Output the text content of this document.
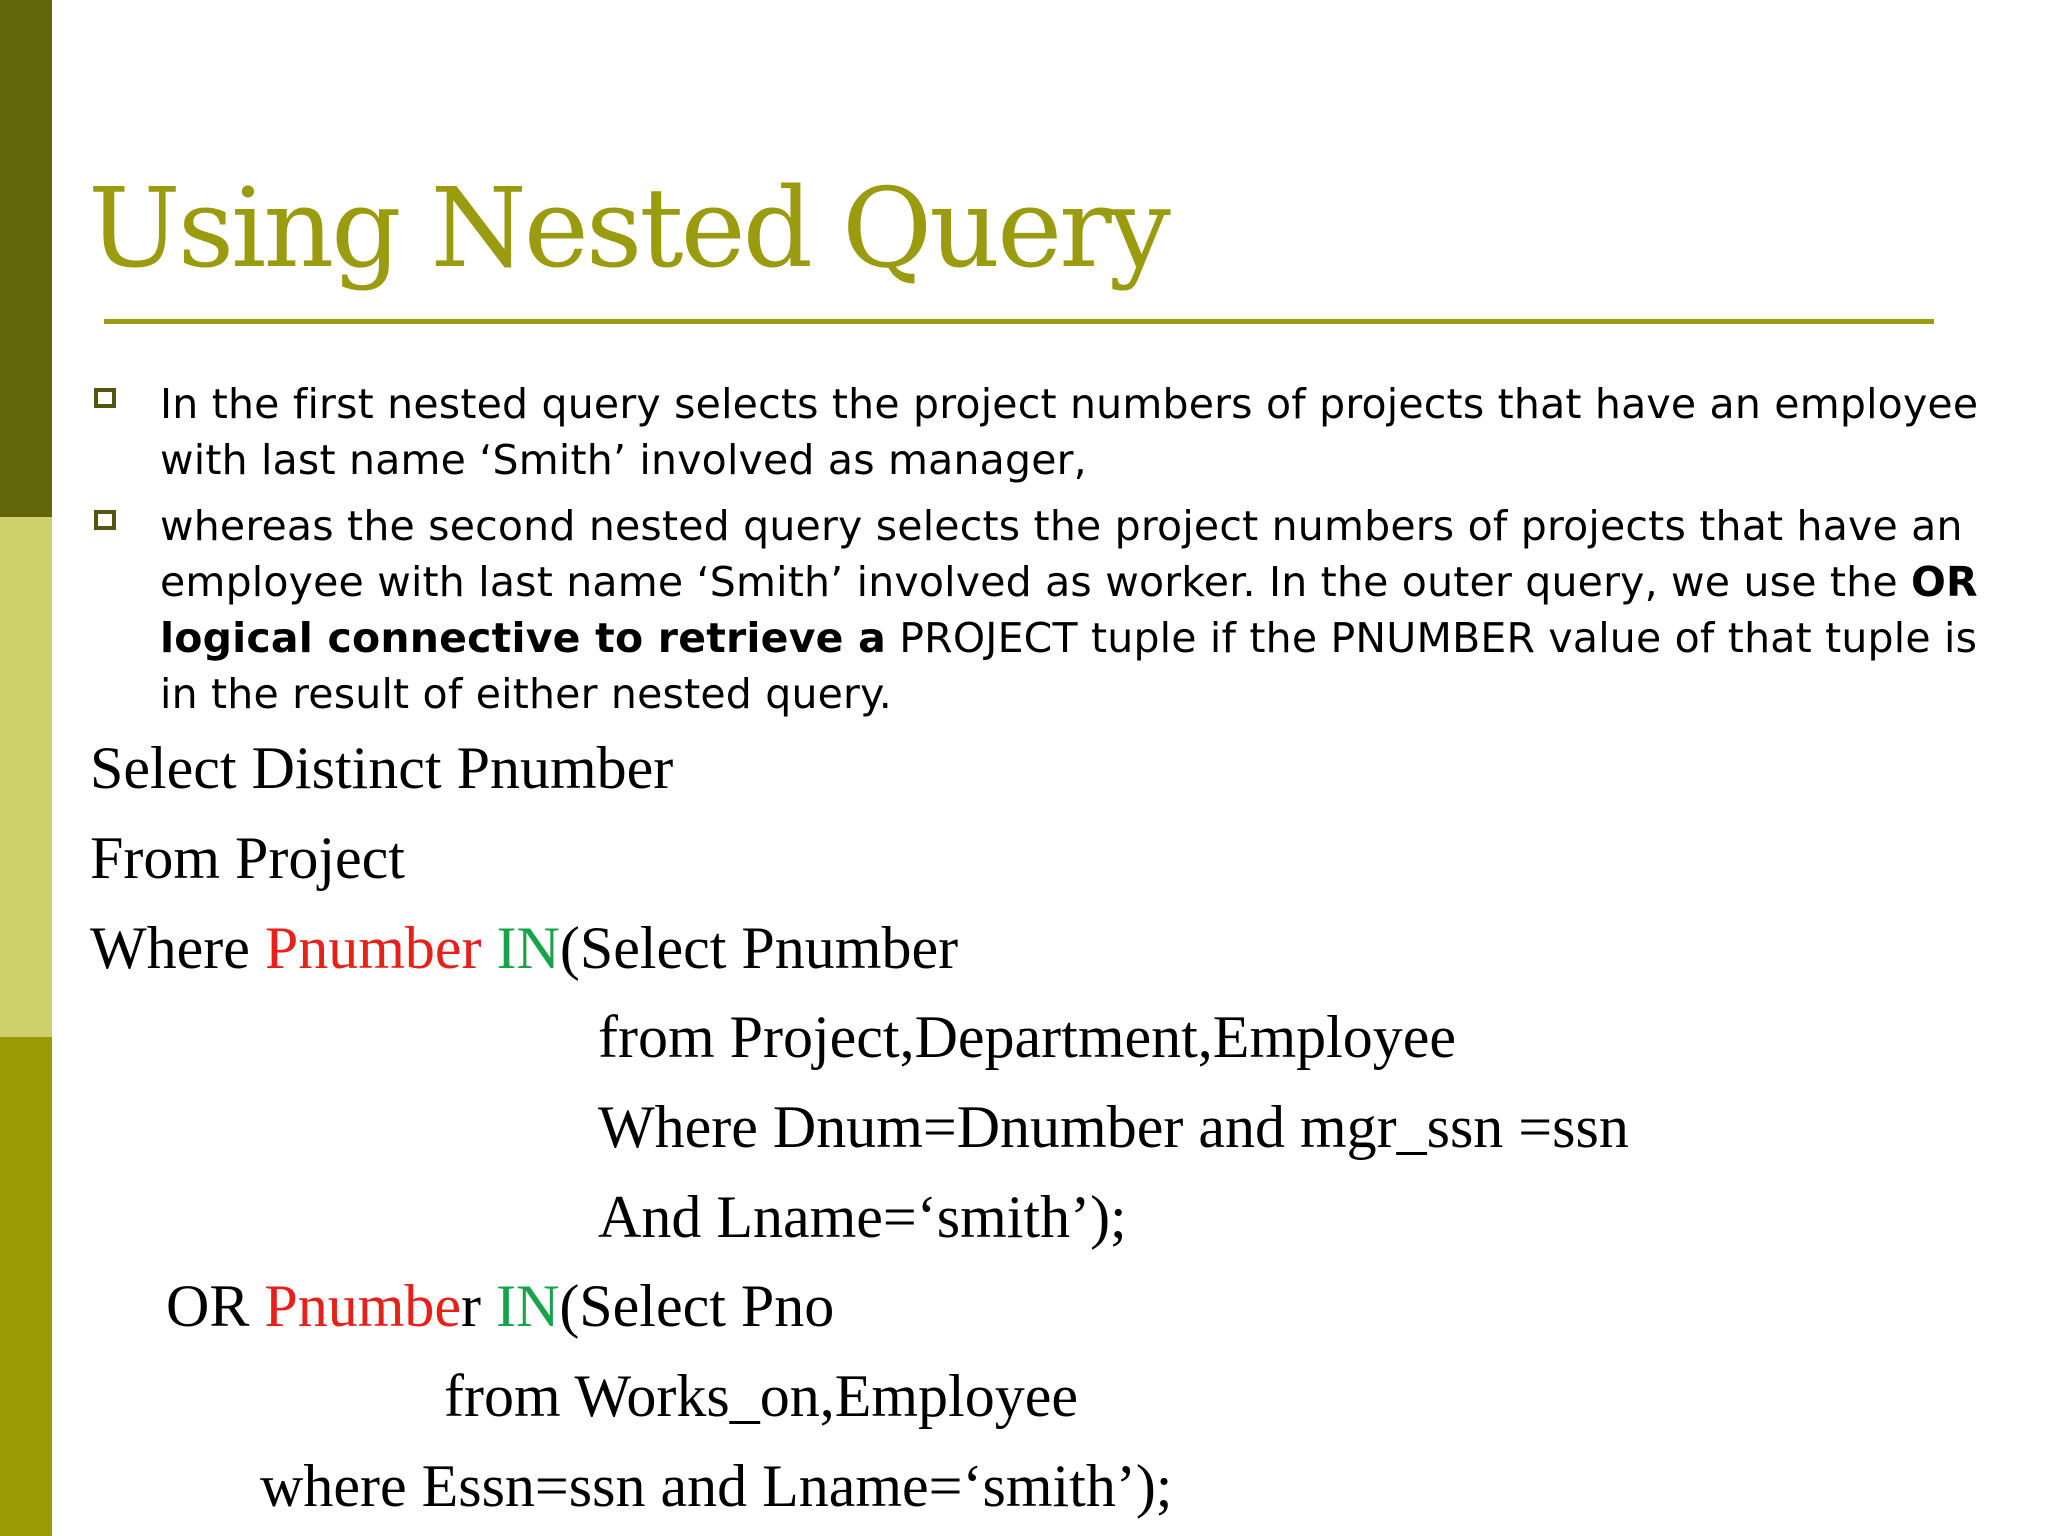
Using Nested Query
In the first nested query selects the project numbers of projects that have an employee with last name ‘Smith’ involved as manager,
whereas the second nested query selects the project numbers of projects that have an employee with last name ‘Smith’ involved as worker. In the outer query, we use the OR logical connective to retrieve a PROJECT tuple if the PNUMBER value of that tuple is in the result of either nested query.

Select Distinct Pnumber

From Project

Where Pnumber IN(Select Pnumber

from Project,Department,Employee

Where Dnum=Dnumber and mgr_ssn =ssn

And Lname=‘smith’);

OR Pnumber IN(Select Pno

from Works_on,Employee

where Essn=ssn and Lname=‘smith’);
